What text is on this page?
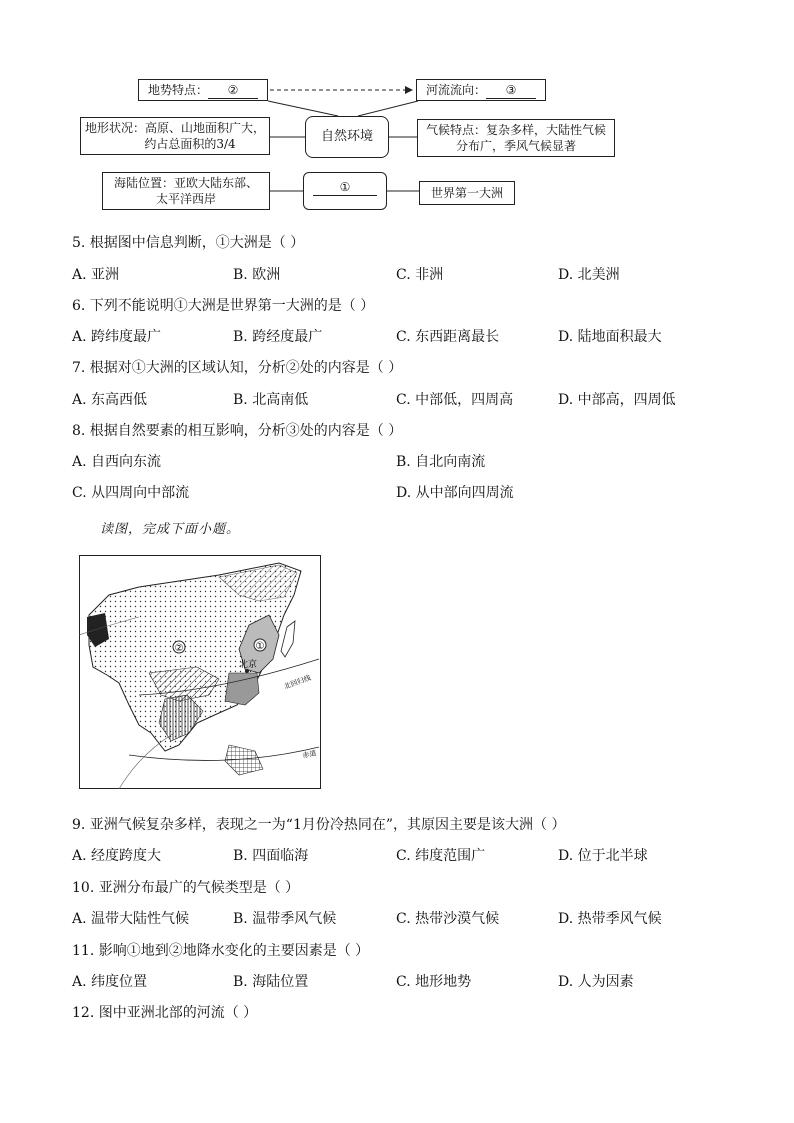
地势特点： ②	河流流向： ③
地形状况：高原、山地面积广大，
约占总面积的3/4	自然环境	气候特点：复杂多样，大陆性气候
分布广，季风气候显著
海陆位置：亚欧大陆东部、
太平洋西岸
①	世界第一大洲
5. 根据图中信息判断，①大洲是（ ）
A. 亚洲	B. 欧洲	C. 非洲	D. 北美洲
6. 下列不能说明①大洲是世界第一大洲的是（ ）
A. 跨纬度最广	B. 跨经度最广	C. 东西距离最长	D. 陆地面积最大
7. 根据对①大洲的区域认知，分析②处的内容是（ ）
A. 东高西低	B. 北高南低	C. 中部低，四周高	D. 中部高，四周低
8. 根据自然要素的相互影响，分析③处的内容是（ ）
A. 自西向东流	B. 自北向南流
C. 从四周向中部流	D. 从中部向四周流
读图，完成下面小题。
①
②
北京
北回归线
赤道
9. 亚洲气候复杂多样，表现之一为“1月份冷热同在”，其原因主要是该大洲（ ）
A. 经度跨度大	B. 四面临海	C. 纬度范围广	D. 位于北半球
10. 亚洲分布最广的气候类型是（ ）
A. 温带大陆性气候	B. 温带季风气候	C. 热带沙漠气候	D. 热带季风气候
11. 影响①地到②地降水变化的主要因素是（ ）
A. 纬度位置	B. 海陆位置	C. 地形地势	D. 人为因素
12. 图中亚洲北部的河流（ ）
